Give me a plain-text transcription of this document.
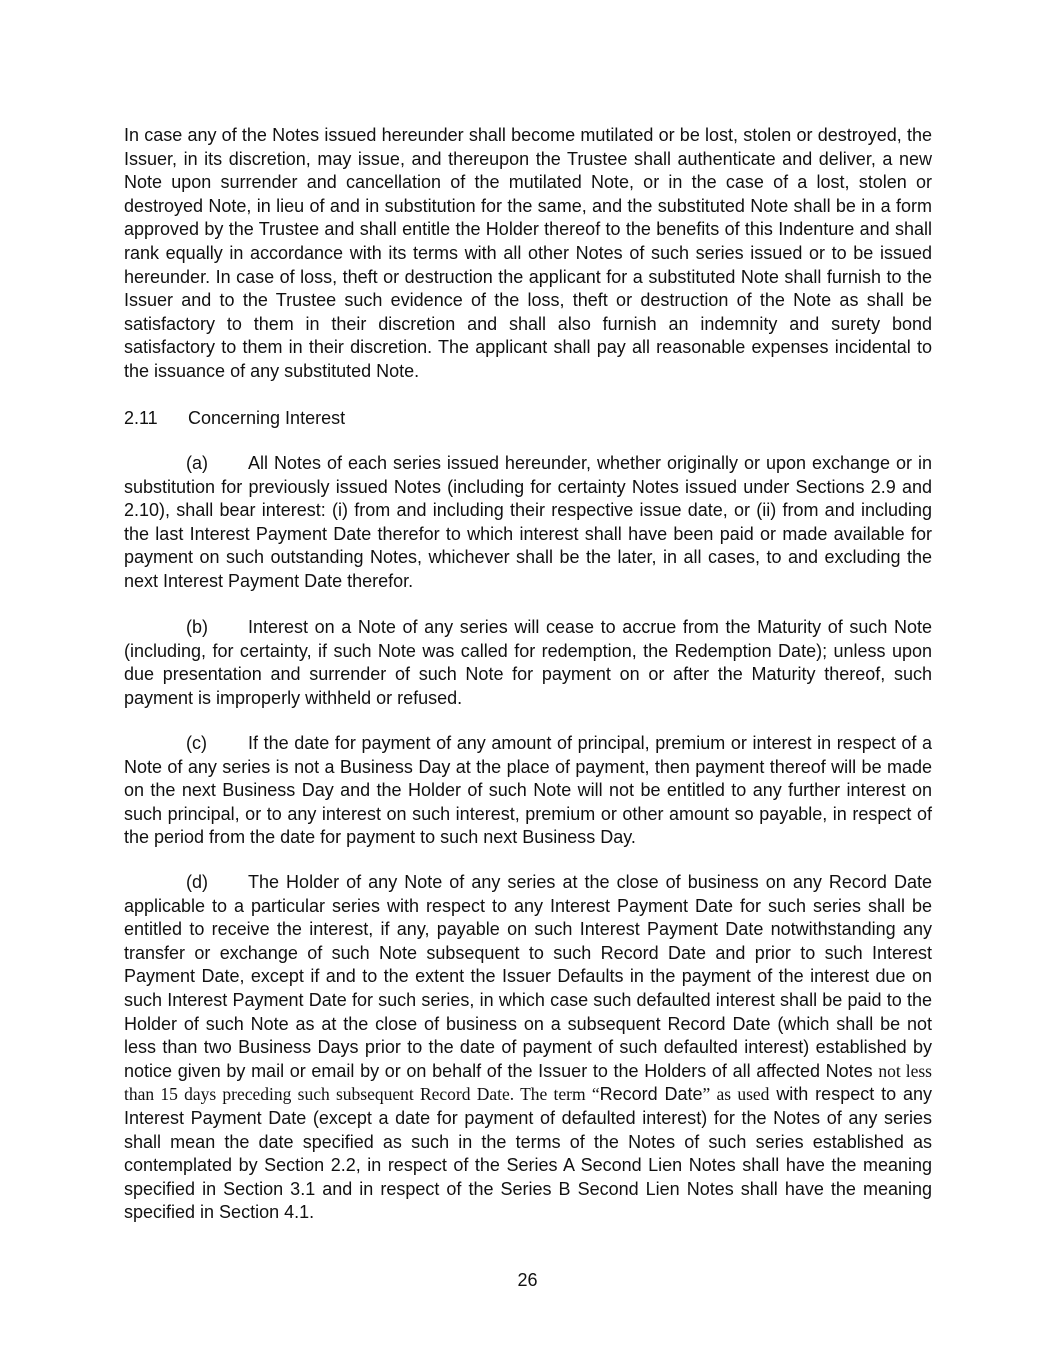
In case any of the Notes issued hereunder shall become mutilated or be lost, stolen or destroyed, the Issuer, in its discretion, may issue, and thereupon the Trustee shall authenticate and deliver, a new Note upon surrender and cancellation of the mutilated Note, or in the case of a lost, stolen or destroyed Note, in lieu of and in substitution for the same, and the substituted Note shall be in a form approved by the Trustee and shall entitle the Holder thereof to the benefits of this Indenture and shall rank equally in accordance with its terms with all other Notes of such series issued or to be issued hereunder. In case of loss, theft or destruction the applicant for a substituted Note shall furnish to the Issuer and to the Trustee such evidence of the loss, theft or destruction of the Note as shall be satisfactory to them in their discretion and shall also furnish an indemnity and surety bond satisfactory to them in their discretion. The applicant shall pay all reasonable expenses incidental to the issuance of any substituted Note.

2.11 Concerning Interest

(a) All Notes of each series issued hereunder, whether originally or upon exchange or in substitution for previously issued Notes (including for certainty Notes issued under Sections 2.9 and 2.10), shall bear interest: (i) from and including their respective issue date, or (ii) from and including the last Interest Payment Date therefor to which interest shall have been paid or made available for payment on such outstanding Notes, whichever shall be the later, in all cases, to and excluding the next Interest Payment Date therefor.

(b) Interest on a Note of any series will cease to accrue from the Maturity of such Note (including, for certainty, if such Note was called for redemption, the Redemption Date); unless upon due presentation and surrender of such Note for payment on or after the Maturity thereof, such payment is improperly withheld or refused.

(c) If the date for payment of any amount of principal, premium or interest in respect of a Note of any series is not a Business Day at the place of payment, then payment thereof will be made on the next Business Day and the Holder of such Note will not be entitled to any further interest on such principal, or to any interest on such interest, premium or other amount so payable, in respect of the period from the date for payment to such next Business Day.

(d) The Holder of any Note of any series at the close of business on any Record Date applicable to a particular series with respect to any Interest Payment Date for such series shall be entitled to receive the interest, if any, payable on such Interest Payment Date notwithstanding any transfer or exchange of such Note subsequent to such Record Date and prior to such Interest Payment Date, except if and to the extent the Issuer Defaults in the payment of the interest due on such Interest Payment Date for such series, in which case such defaulted interest shall be paid to the Holder of such Note as at the close of business on a subsequent Record Date (which shall be not less than two Business Days prior to the date of payment of such defaulted interest) established by notice given by mail or email by or on behalf of the Issuer to the Holders of all affected Notes not less than 15 days preceding such subsequent Record Date. The term “Record Date” as used with respect to any Interest Payment Date (except a date for payment of defaulted interest) for the Notes of any series shall mean the date specified as such in the terms of the Notes of such series established as contemplated by Section 2.2, in respect of the Series A Second Lien Notes shall have the meaning specified in Section 3.1 and in respect of the Series B Second Lien Notes shall have the meaning specified in Section 4.1.

26
